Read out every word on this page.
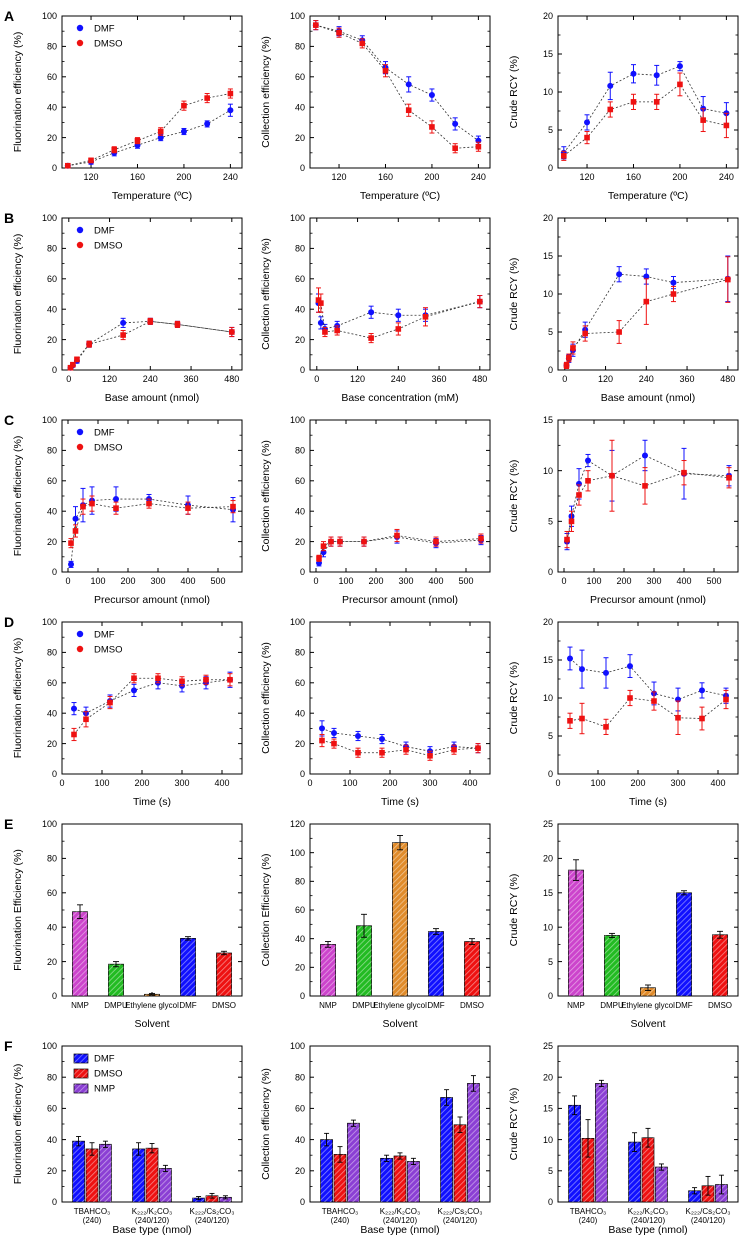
0
20
40
60
80
100
120	160	200	240
Temperature (ºC)
Fluorination efficiency (%)
DMF
DMSO
0
20
40
60
80
100
120	160	200	240
Temperature (ºC)
Collection efficiency (%)
0
5
10
15
20
120	160	200	240
Temperature (ºC)
Crude RCY (%)
0
20
40
60
80
100
0	120	240	360	480
Base amount (nmol)
Fluorination efficiency (%)
DMF
DMSO
0
20
40
60
80
100
0	120	240	360	480
Base concentration (mM)
Collection efficiency (%)
0
5
10
15
20
0	120	240	360	480
Base amount (nmol)
Crude RCY (%)
0
20
40
60
80
100
0 100 200 300 400 500
Precursor amount (nmol)
Fluorination efficiency (%)
DMF
DMSO
0
20
40
60
80
100
0 100 200 300 400 500
Precursor amount (nmol)
Collection efficiency (%)
0
5
10
15
0 100 200 300 400 500
Precursor amount (nmol)
Crude RCY (%)
0
20
40
60
80
100
0	100	200	300	400
Time (s)
Fluorination efficiency (%)
DMF
DMSO
0
20
40
60
80
100
0	100	200	300	400
Time (s)
Collection efficiency (%)
0
5
10
15
20
0	100	200	300	400
Time (s)
Crude RCY (%)
0
20
40
60
80
100
NMP DMPU
Ethylene glycol DMF DMSO
Solvent
Fluorination Efficiency (%)
0
20
40
60
80
100
120
NMP DMPU
Ethylene glycol DMF DMSO
Solvent
Collection Efficiency (%)
0
5
10
15
20
25
NMP DMPU
Ethylene glycol DMF DMSO
Solvent
Crude RCY (%)
0
20
40
60
80
100
TBAHCO₃
(240)
K₂₂₂/K₂CO₃
(240/120)
K₂₂₂/Cs₂CO₃
(240/120)
Base type (nmol)
Fluorination efficiency (%)
DMF
DMSO
NMP
0
20
40
60
80
100
TBAHCO₃
(240)
K₂₂₂/K₂CO₃
(240/120)
K₂₂₂/Cs₂CO₃
(240/120)
Base type (nmol)
Collection efficiency (%)
0
5
10
15
20
25
TBAHCO₃
(240)
K₂₂₂/K₂CO₃
(240/120)
K₂₂₂/Cs₂CO₃
(240/120)
Base type (nmol)
Crude RCY (%)
A
B
C
D
E
F
